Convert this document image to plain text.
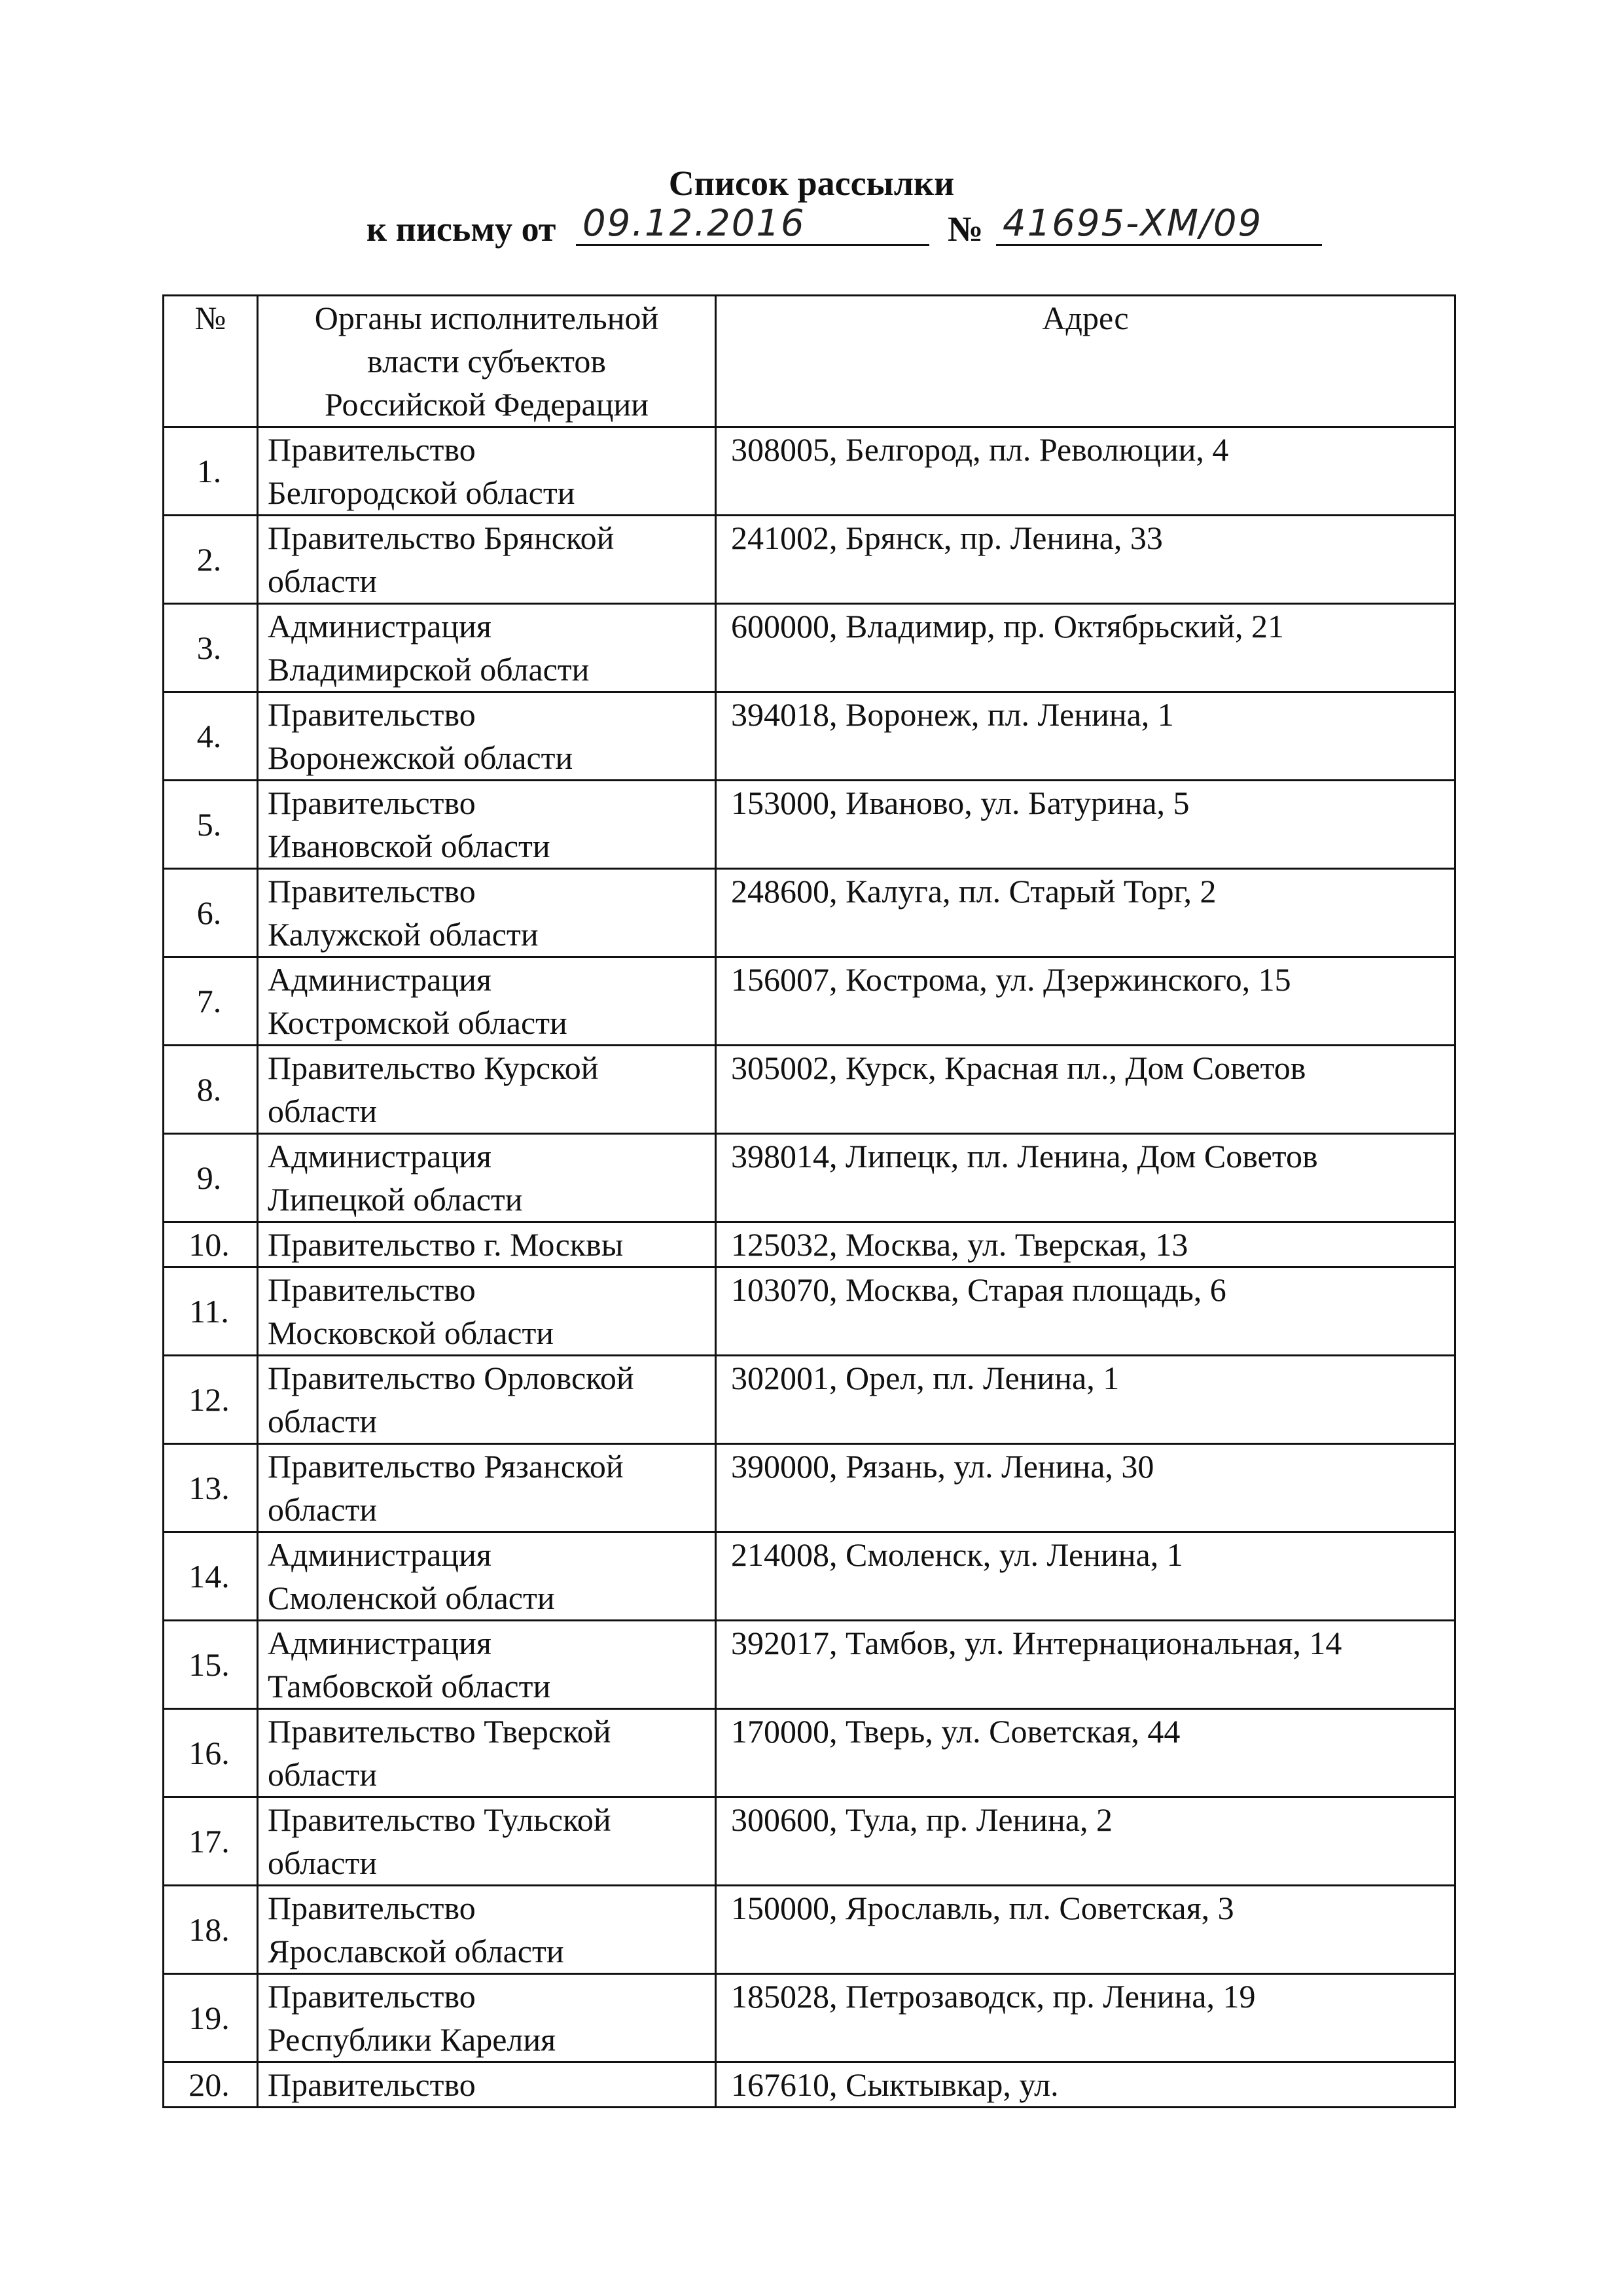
Список рассылки
к письму от 09.12.2016	№ 41695-ХМ/09
№	Органы исполнительной
власти субъектов
Российской Федерации	Адрес
1.	Правительство
Белгородской области	308005, Белгород, пл. Революции, 4
2.	Правительство Брянской
области	241002, Брянск, пр. Ленина, 33
3.	Администрация
Владимирской области	600000, Владимир, пр. Октябрьский, 21
4.	Правительство
Воронежской области	394018, Воронеж, пл. Ленина, 1
5.	Правительство
Ивановской области	153000, Иваново, ул. Батурина, 5
6.	Правительство
Калужской области	248600, Калуга, пл. Старый Торг, 2
7.	Администрация
Костромской области	156007, Кострома, ул. Дзержинского, 15
8.	Правительство Курской
области	305002, Курск, Красная пл., Дом Советов
9.	Администрация
Липецкой области	398014, Липецк, пл. Ленина, Дом Советов
10.	Правительство г. Москвы	125032, Москва, ул. Тверская, 13
11.	Правительство
Московской области	103070, Москва, Старая площадь, 6
12.	Правительство Орловской
области	302001, Орел, пл. Ленина, 1
13.	Правительство Рязанской
области	390000, Рязань, ул. Ленина, 30
14.	Администрация
Смоленской области	214008, Смоленск, ул. Ленина, 1
15.	Администрация
Тамбовской области	392017, Тамбов, ул. Интернациональная, 14
16.	Правительство Тверской
области	170000, Тверь, ул. Советская, 44
17.	Правительство Тульской
области	300600, Тула, пр. Ленина, 2
18.	Правительство
Ярославской области	150000, Ярославль, пл. Советская, 3
19.	Правительство
Республики Карелия	185028, Петрозаводск, пр. Ленина, 19
20.	Правительство	167610, Сыктывкар, ул.
